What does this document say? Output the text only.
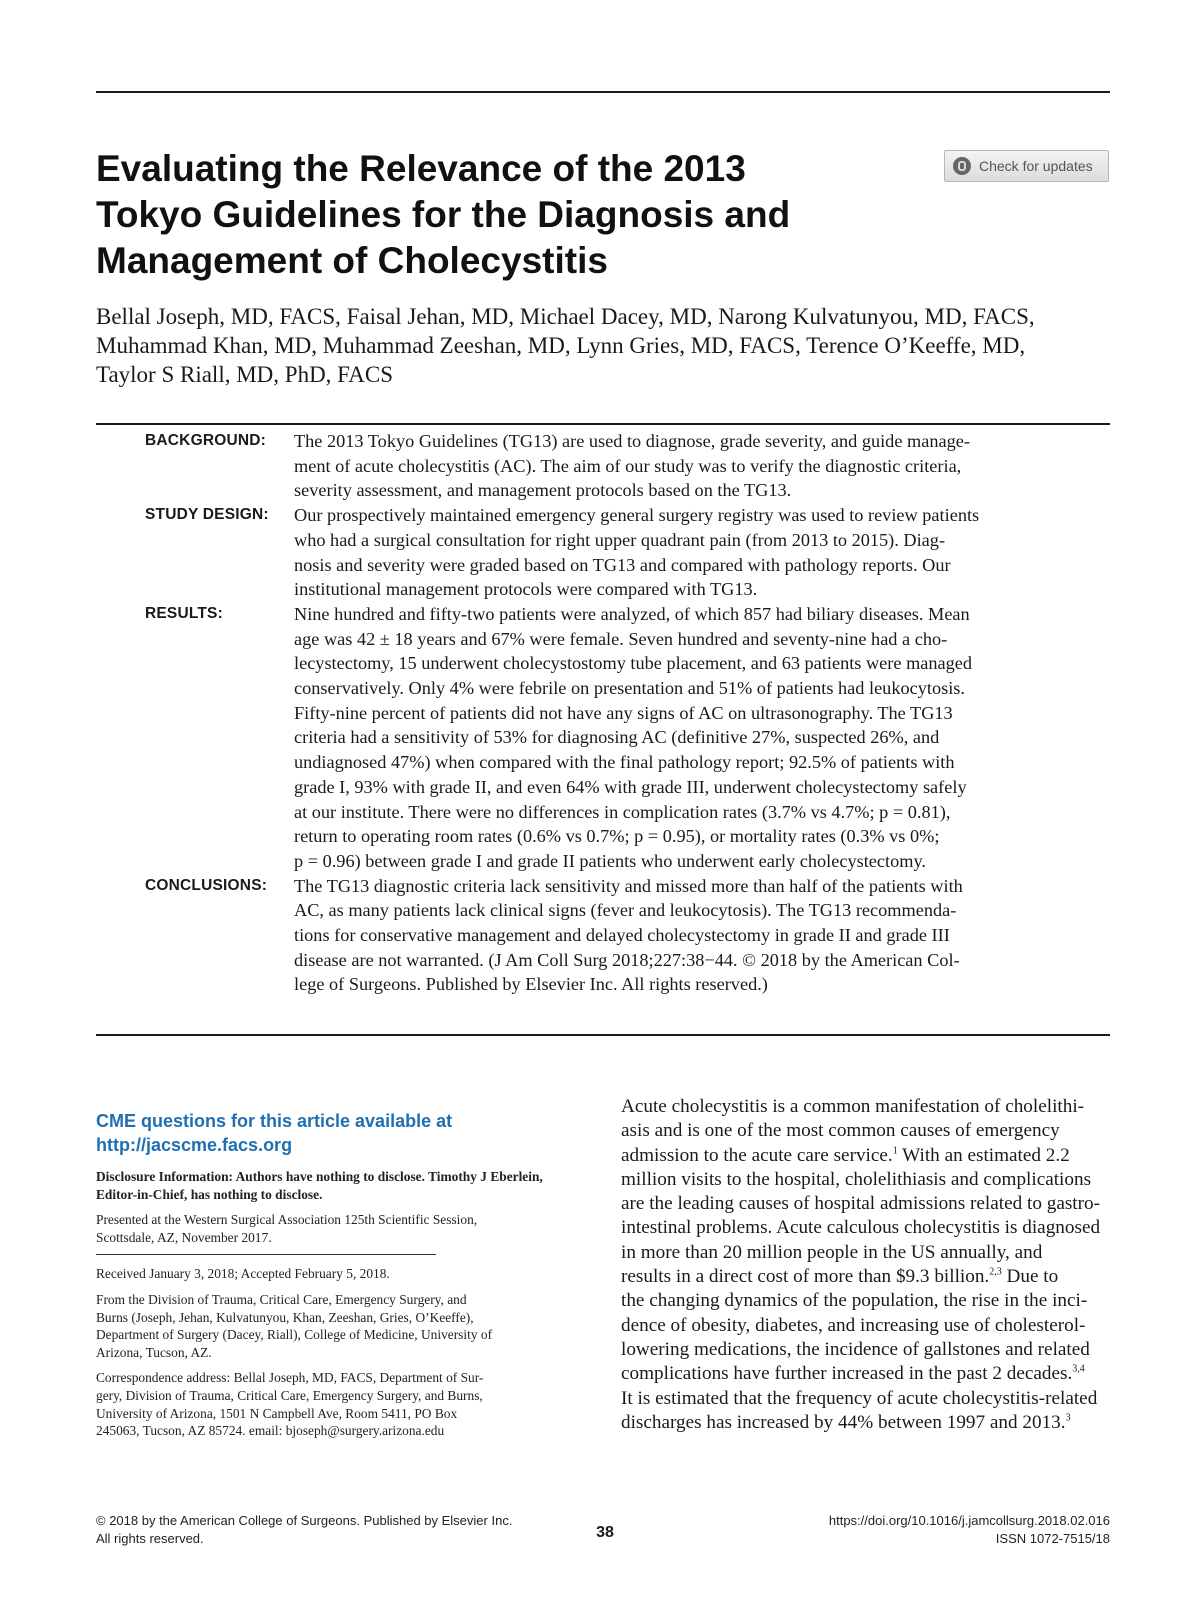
Evaluating the Relevance of the 2013
Tokyo Guidelines for the Diagnosis and
Management of Cholecystitis
Check for updates
Bellal Joseph, MD, FACS, Faisal Jehan, MD, Michael Dacey, MD, Narong Kulvatunyou, MD, FACS,
Muhammad Khan, MD, Muhammad Zeeshan, MD, Lynn Gries, MD, FACS, Terence O’Keeffe, MD,
Taylor S Riall, MD, PhD, FACS
BACKGROUND:	The 2013 Tokyo Guidelines (TG13) are used to diagnose, grade severity, and guide manage-
ment of acute cholecystitis (AC). The aim of our study was to verify the diagnostic criteria,
severity assessment, and management protocols based on the TG13.
STUDY DESIGN:	Our prospectively maintained emergency general surgery registry was used to review patients
who had a surgical consultation for right upper quadrant pain (from 2013 to 2015). Diag-
nosis and severity were graded based on TG13 and compared with pathology reports. Our
institutional management protocols were compared with TG13.
RESULTS:	Nine hundred and fifty-two patients were analyzed, of which 857 had biliary diseases. Mean
age was 42 ± 18 years and 67% were female. Seven hundred and seventy-nine had a cho-
lecystectomy, 15 underwent cholecystostomy tube placement, and 63 patients were managed
conservatively. Only 4% were febrile on presentation and 51% of patients had leukocytosis.
Fifty-nine percent of patients did not have any signs of AC on ultrasonography. The TG13
criteria had a sensitivity of 53% for diagnosing AC (definitive 27%, suspected 26%, and
undiagnosed 47%) when compared with the final pathology report; 92.5% of patients with
grade I, 93% with grade II, and even 64% with grade III, underwent cholecystectomy safely
at our institute. There were no differences in complication rates (3.7% vs 4.7%; p = 0.81),
return to operating room rates (0.6% vs 0.7%; p = 0.95), or mortality rates (0.3% vs 0%;
p = 0.96) between grade I and grade II patients who underwent early cholecystectomy.
CONCLUSIONS:	The TG13 diagnostic criteria lack sensitivity and missed more than half of the patients with
AC, as many patients lack clinical signs (fever and leukocytosis). The TG13 recommenda-
tions for conservative management and delayed cholecystectomy in grade II and grade III
disease are not warranted. (J Am Coll Surg 2018;227:38−44. © 2018 by the American Col-
lege of Surgeons. Published by Elsevier Inc. All rights reserved.)
CME questions for this article available at
http://jacscme.facs.org
Disclosure Information: Authors have nothing to disclose. Timothy J Eberlein,
Editor-in-Chief, has nothing to disclose.
Presented at the Western Surgical Association 125th Scientific Session,
Scottsdale, AZ, November 2017.
Received January 3, 2018; Accepted February 5, 2018.
From the Division of Trauma, Critical Care, Emergency Surgery, and
Burns (Joseph, Jehan, Kulvatunyou, Khan, Zeeshan, Gries, O’Keeffe),
Department of Surgery (Dacey, Riall), College of Medicine, University of
Arizona, Tucson, AZ.
Correspondence address: Bellal Joseph, MD, FACS, Department of Sur-
gery, Division of Trauma, Critical Care, Emergency Surgery, and Burns,
University of Arizona, 1501 N Campbell Ave, Room 5411, PO Box
245063, Tucson, AZ 85724. email: bjoseph@surgery.arizona.edu
Acute cholecystitis is a common manifestation of cholelithi-
asis and is one of the most common causes of emergency
admission to the acute care service.$^1$ With an estimated 2.2
million visits to the hospital, cholelithiasis and complications
are the leading causes of hospital admissions related to gastro-
intestinal problems. Acute calculous cholecystitis is diagnosed
in more than 20 million people in the US annually, and
results in a direct cost of more than $9.3 billion.$^{2,3}$ Due to
the changing dynamics of the population, the rise in the inci-
dence of obesity, diabetes, and increasing use of cholesterol-
lowering medications, the incidence of gallstones and related
complications have further increased in the past 2 decades.$^{3,4}$
It is estimated that the frequency of acute cholecystitis-related
discharges has increased by 44% between 1997 and 2013.$^3$
© 2018 by the American College of Surgeons. Published by Elsevier Inc.
All rights reserved.	38
https://doi.org/10.1016/j.jamcollsurg.2018.02.016
ISSN 1072-7515/18
